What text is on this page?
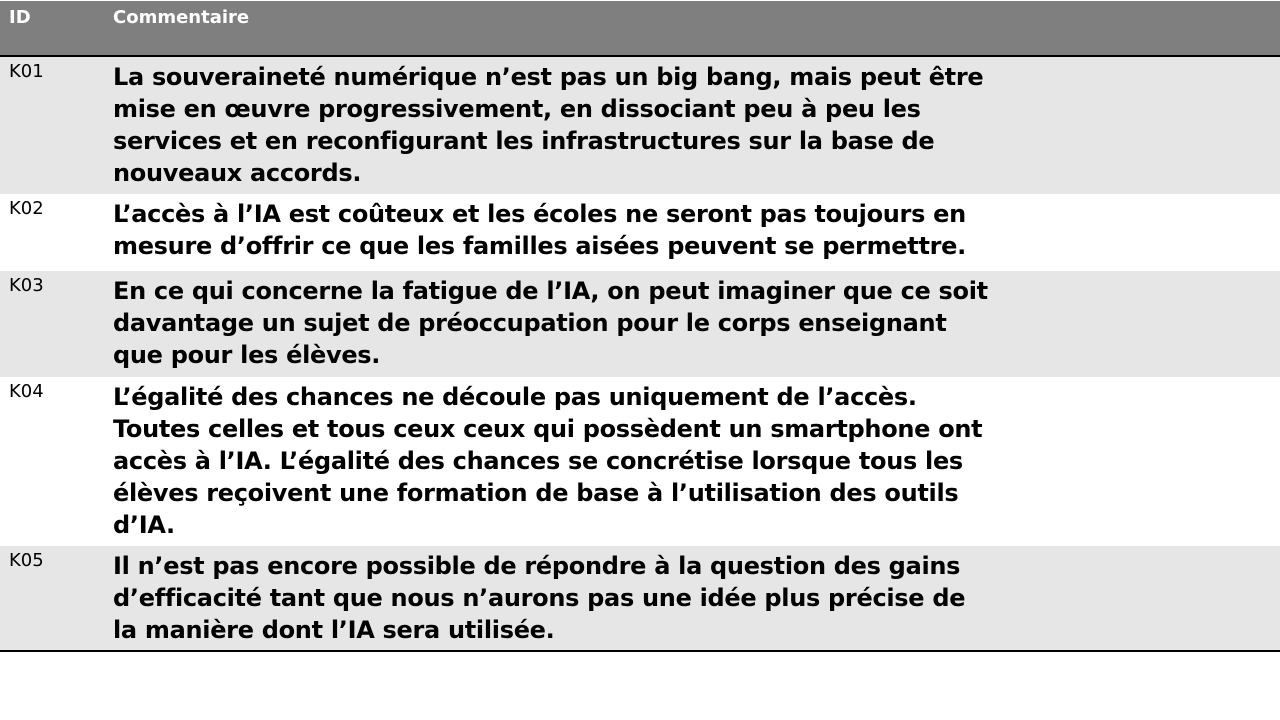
ID	Commentaire
K01	La souveraineté numérique n’est pas un big bang, mais peut être mise en œuvre progressivement, en dissociant peu à peu les services et en reconfigurant les infrastructures sur la base de nouveaux accords.
K02	L’accès à l’IA est coûteux et les écoles ne seront pas toujours en mesure d’offrir ce que les familles aisées peuvent se permettre.
K03	En ce qui concerne la fatigue de l’IA, on peut imaginer que ce soit davantage un sujet de préoccupation pour le corps enseignant que pour les élèves.
K04	L’égalité des chances ne découle pas uniquement de l’accès. Toutes celles et tous ceux ceux qui possèdent un smartphone ont accès à l’IA. L’égalité des chances se concrétise lorsque tous les élèves reçoivent une formation de base à l’utilisation des outils d’IA.
K05	Il n’est pas encore possible de répondre à la question des gains d’efficacité tant que nous n’aurons pas une idée plus précise de la manière dont l’IA sera utilisée.
